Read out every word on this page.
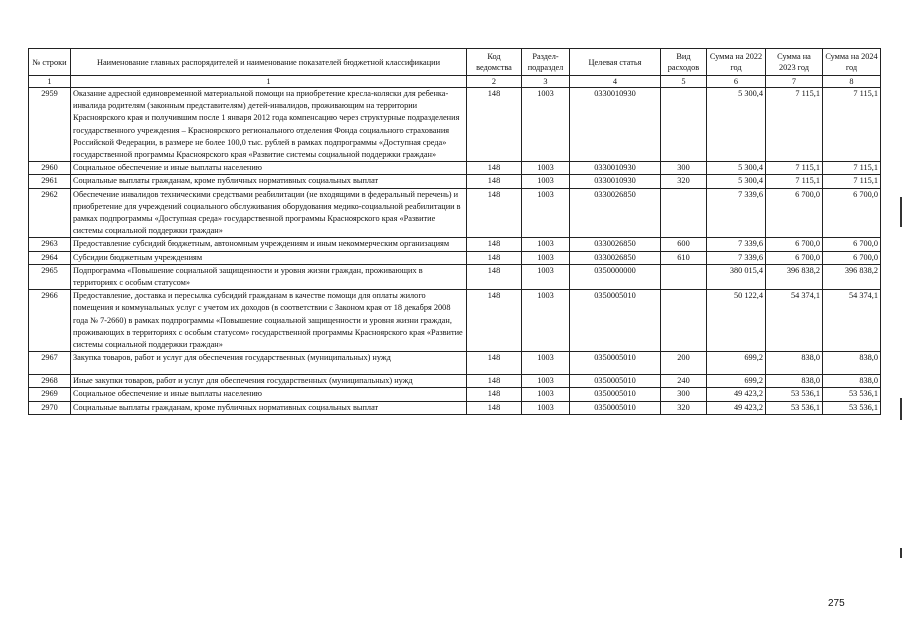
№ строки	Наименование главных распорядителей и наименование показателей бюджетной классификации	Код ведомства	Раздел-подраздел	Целевая статья	Вид расходов	Сумма на 2022 год	Сумма на 2023 год	Сумма на 2024 год
1	1	2	3	4	5	6	7	8
2959	Оказание адресной единовременной материальной помощи на приобретение кресла-коляски для ребенка-инвалида родителям (законным представителям) детей-инвалидов, проживающим на территории Красноярского края и получившим после 1 января 2012 года компенсацию через структурные подразделения государственного учреждения – Красноярского регионального отделения Фонда социального страхования Российской Федерации, в размере не более 100,0 тыс. рублей в рамках подпрограммы «Доступная среда» государственной программы Красноярского края «Развитие системы социальной поддержки граждан»	148	1003	0330010930		5 300,4	7 115,1	7 115,1
2960	Социальное обеспечение и иные выплаты населению	148	1003	0330010930	300	5 300,4	7 115,1	7 115,1
2961	Социальные выплаты гражданам, кроме публичных нормативных социальных выплат	148	1003	0330010930	320	5 300,4	7 115,1	7 115,1
2962	Обеспечение инвалидов техническими средствами реабилитации (не входящими в федеральный перечень) и приобретение для учреждений социального обслуживания оборудования медико-социальной реабилитации в рамках подпрограммы «Доступная среда» государственной программы Красноярского края «Развитие системы социальной поддержки граждан»	148	1003	0330026850		7 339,6	6 700,0	6 700,0
2963	Предоставление субсидий бюджетным, автономным учреждениям и иным некоммерческим организациям	148	1003	0330026850	600	7 339,6	6 700,0	6 700,0
2964	Субсидии бюджетным учреждениям	148	1003	0330026850	610	7 339,6	6 700,0	6 700,0
2965	Подпрограмма «Повышение социальной защищенности и уровня жизни граждан, проживающих в территориях с особым статусом»	148	1003	0350000000		380 015,4	396 838,2	396 838,2
2966	Предоставление, доставка и пересылка субсидий гражданам в качестве помощи для оплаты жилого помещения и коммунальных услуг с учетом их доходов (в соответствии с Законом края от 18 декабря 2008 года № 7-2660) в рамках подпрограммы «Повышение социальной защищенности и уровня жизни граждан, проживающих в территориях с особым статусом» государственной программы Красноярского края «Развитие системы социальной поддержки граждан»	148	1003	0350005010		50 122,4	54 374,1	54 374,1
2967	Закупка товаров, работ и услуг для обеспечения государственных (муниципальных) нужд	148	1003	0350005010	200	699,2	838,0	838,0
2968	Иные закупки товаров, работ и услуг для обеспечения государственных (муниципальных) нужд	148	1003	0350005010	240	699,2	838,0	838,0
2969	Социальное обеспечение и иные выплаты населению	148	1003	0350005010	300	49 423,2	53 536,1	53 536,1
2970	Социальные выплаты гражданам, кроме публичных нормативных социальных выплат	148	1003	0350005010	320	49 423,2	53 536,1	53 536,1
275
